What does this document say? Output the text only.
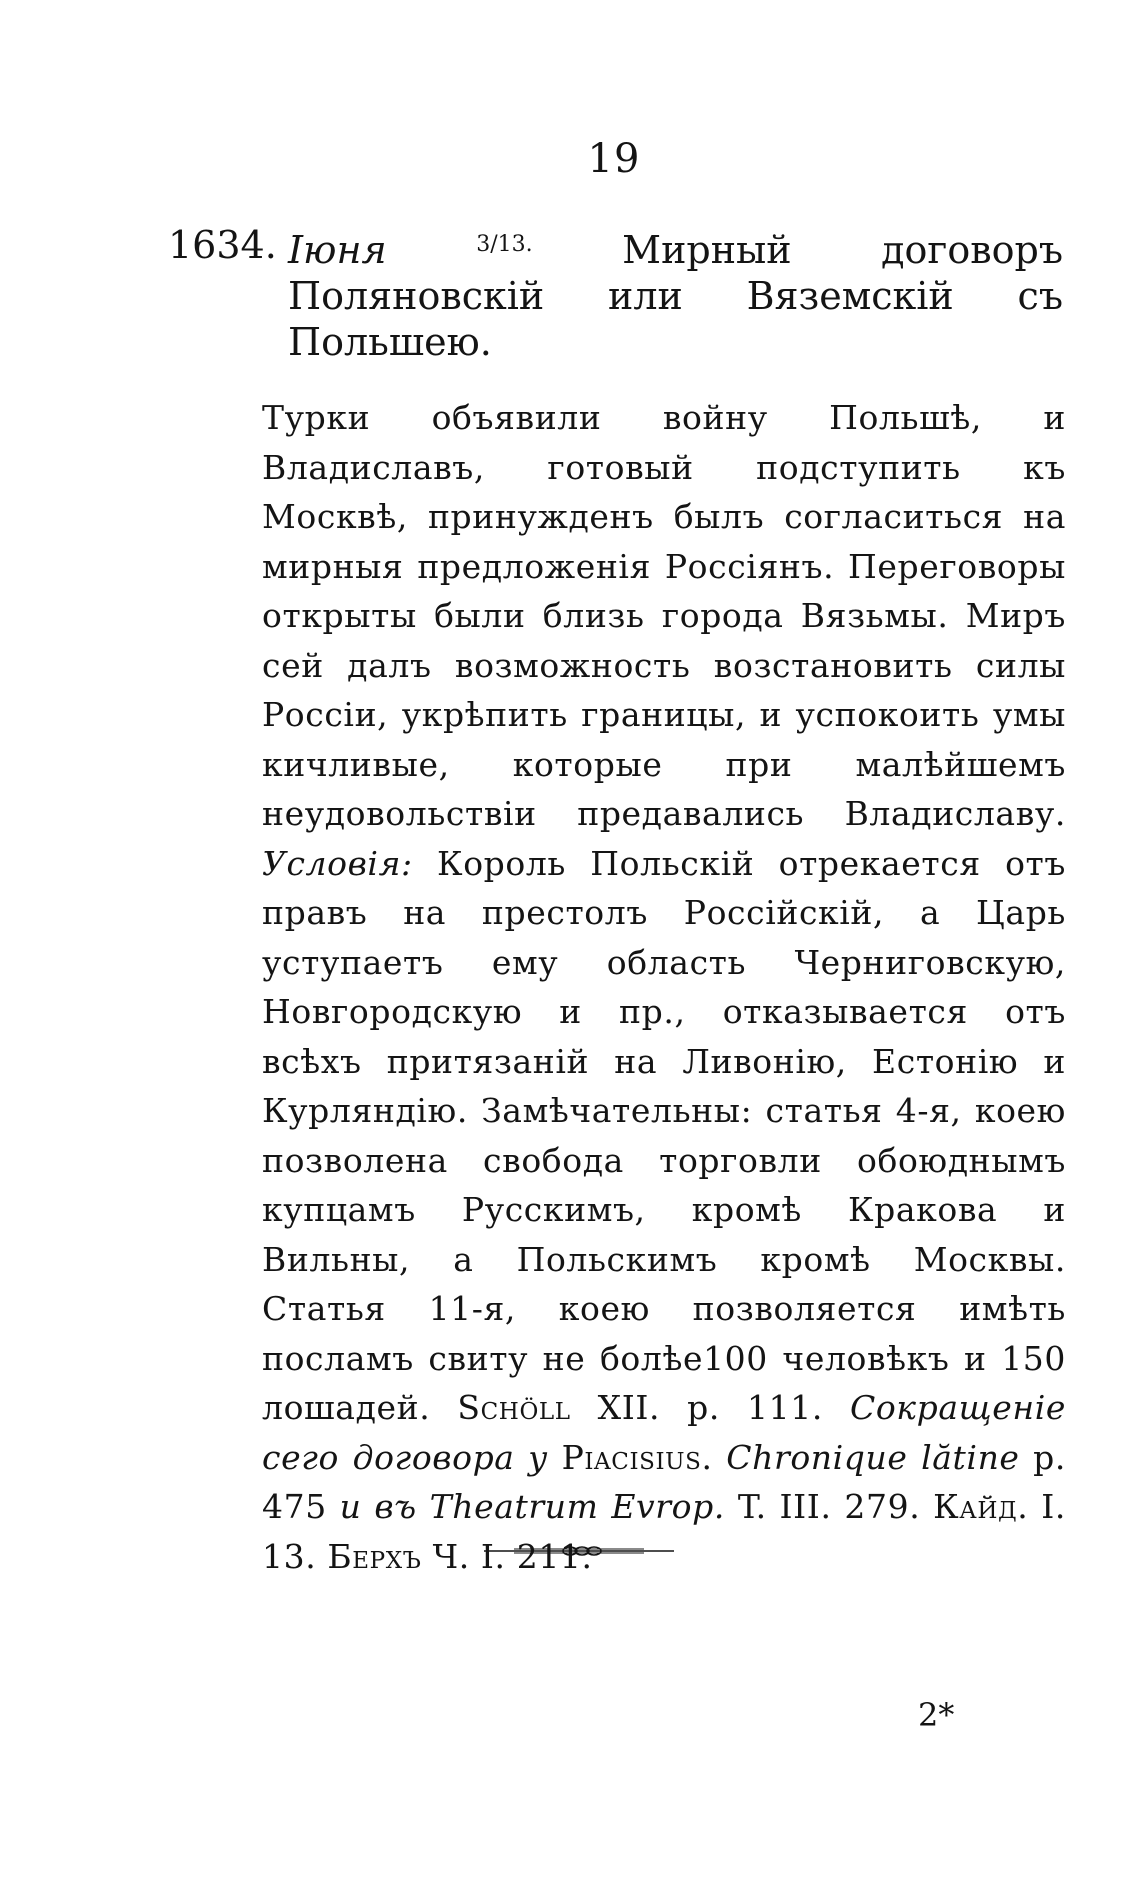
19
1634. Іюня	$^{3/13.}$ Мирный договоръ Поляновскій или Вяземскій съ Польшею.
Турки объявили войну Польшѣ, и Владиславъ, готовый подступить къ Москвѣ, принужденъ былъ согласиться на мирныя предложенія Россіянъ. Переговоры открыты были близь города Вязьмы. Миръ сей далъ возможность возстановить силы Россіи, укрѣпить границы, и успокоить умы кичливые, которые при малѣйшемъ неудовольствіи предавались Владиславу. Условія: Король Польскій отрекается отъ правъ на престолъ Россійскій, а Царь уступаетъ ему область Черниговскую, Новгородскую и пр., отказывается отъ всѣхъ притязаній на Ливонію, Естонію и Курляндію. Замѣчательны: статья 4-я, коею позволена свобода торговли обоюднымъ купцамъ Русскимъ, кромѣ Кракова и Вильны, а Польскимъ кромѣ Москвы. Статья 11-я, коею позволяется имѣть посламъ свиту не болѣе100 человѣкъ и 150 лошадей. Schöll XII. p. 111. Сокращеніе сего договора у Piacisius. Chronique lătine p. 475 и въ Theatrum Evrop. T. III. 279. Кайд. I. 13. Берхъ Ч. I. 211.
2*
